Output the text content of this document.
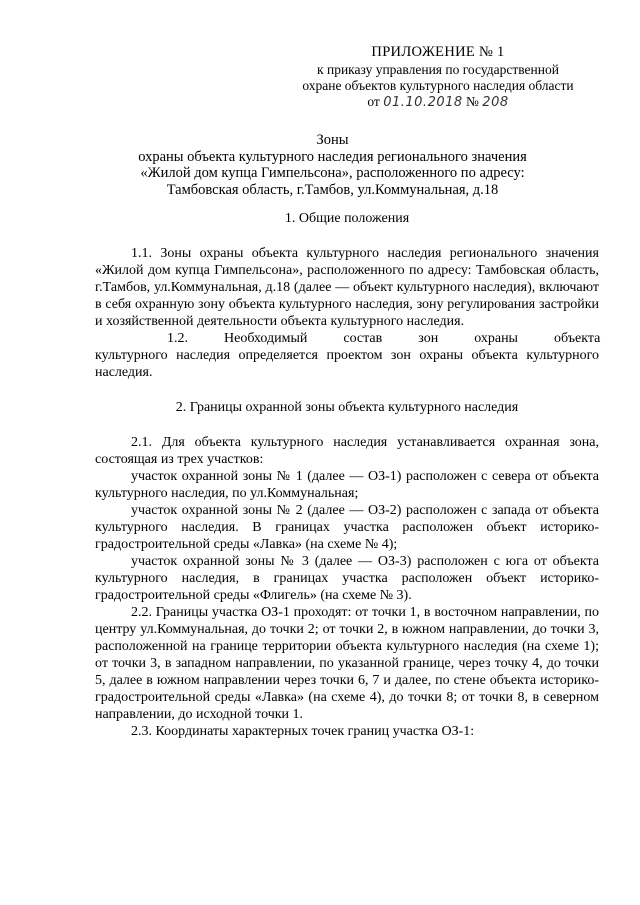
ПРИЛОЖЕНИЕ № 1
к приказу управления по государственной
охране объектов культурного наследия области
от 01.10.2018 № 208
Зоны
охраны объекта культурного наследия регионального значения
«Жилой дом купца Гимпельсона», расположенного по адресу:
Тамбовская область, г.Тамбов, ул.Коммунальная, д.18
1. Общие положения
1.1. Зоны охраны объекта культурного наследия регионального значения «Жилой дом купца Гимпельсона», расположенного по адресу: Тамбовская область, г.Тамбов, ул.Коммунальная, д.18 (далее — объект культурного наследия), включают в себя охранную зону объекта культурного наследия, зону регулирования застройки и хозяйственной деятельности объекта культурного наследия.
1.2.	Необходимый	состав	зон	охраны	объекта
культурного наследия определяется проектом зон охраны объекта культурного наследия.
2. Границы охранной зоны объекта культурного наследия
2.1. Для объекта культурного наследия устанавливается охранная зона, состоящая из трех участков:
участок охранной зоны № 1 (далее — ОЗ-1) расположен с севера от объекта культурного наследия, по ул.Коммунальная;
участок охранной зоны № 2 (далее — ОЗ-2) расположен с запада от объекта культурного наследия. В границах участка расположен объект историко-градостроительной среды «Лавка» (на схеме № 4);
участок охранной зоны № 3 (далее — ОЗ-3) расположен с юга от объекта культурного наследия, в границах участка расположен объект историко-градостроительной среды «Флигель» (на схеме № 3).
2.2. Границы участка ОЗ-1 проходят: от точки 1, в восточном направлении, по центру ул.Коммунальная, до точки 2; от точки 2, в южном направлении, до точки 3, расположенной на границе территории объекта культурного наследия (на схеме 1); от точки 3, в западном направлении, по указанной границе, через точку 4, до точки 5, далее в южном направлении через точки 6, 7 и далее, по стене объекта историко-градостроительной среды «Лавка» (на схеме 4), до точки 8; от точки 8, в северном направлении, до исходной точки 1.
2.3. Координаты характерных точек границ участка ОЗ-1:
